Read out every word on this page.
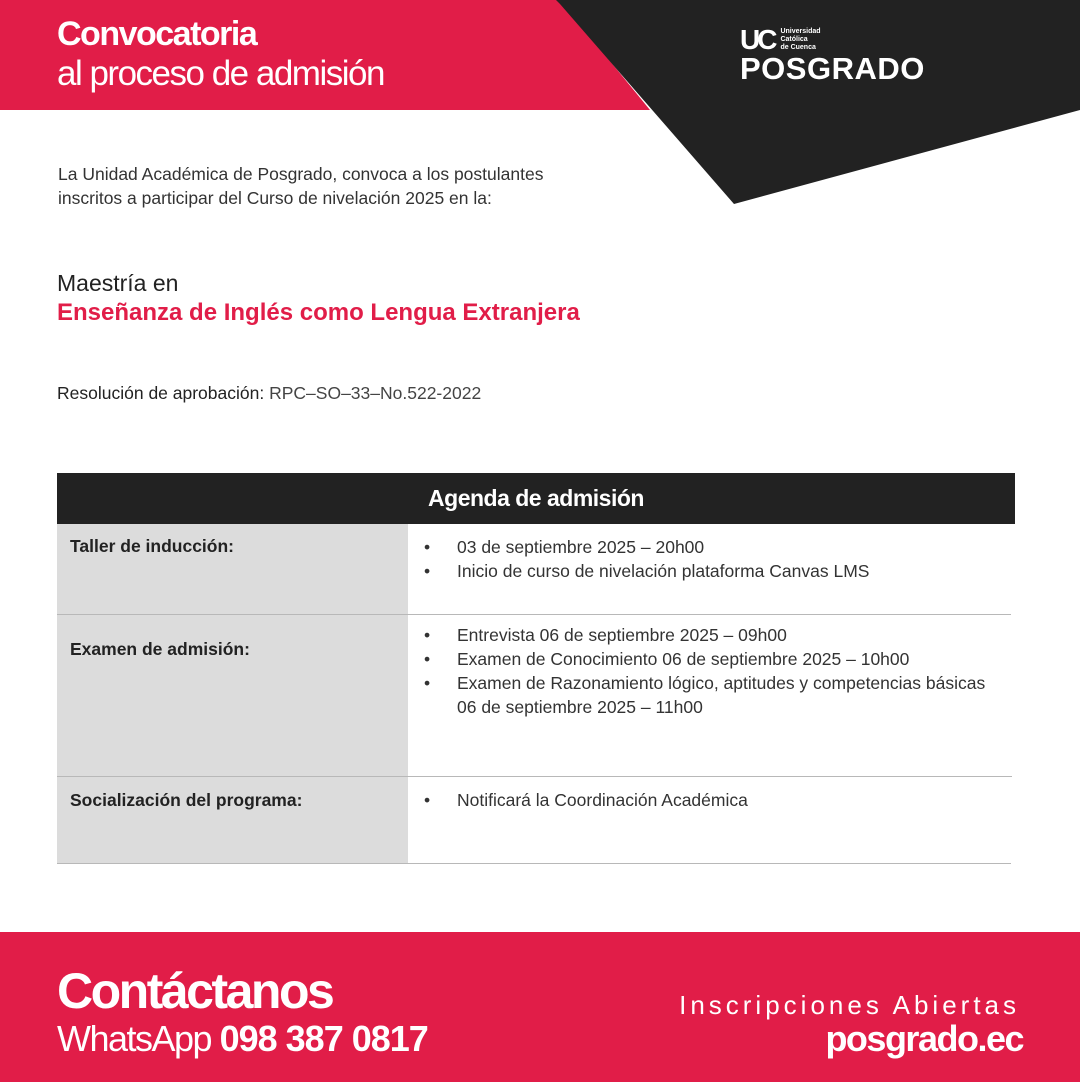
Convocatoria
al proceso de admisión
UC Universidad
Católica
de Cuenca
POSGRADO
La Unidad Académica de Posgrado, convoca a los postulantes
inscritos a participar del Curso de nivelación 2025 en la:
Maestría en
Enseñanza de Inglés como Lengua Extranjera
Resolución de aprobación: RPC–SO–33–No.522-2022
Agenda de admisión
Taller de inducción:	• 03 de septiembre 2025 – 20h00
• Inicio de curso de nivelación plataforma Canvas LMS
Examen de admisión:
• Entrevista 06 de septiembre 2025 – 09h00
• Examen de Conocimiento 06 de septiembre 2025 – 10h00
• Examen de Razonamiento lógico, aptitudes y competencias básicas 06 de septiembre 2025 – 11h00
Socialización del programa:	• Notificará la Coordinación Académica
Contáctanos
WhatsApp 098 387 0817
Inscripciones Abiertas
posgrado.ec
